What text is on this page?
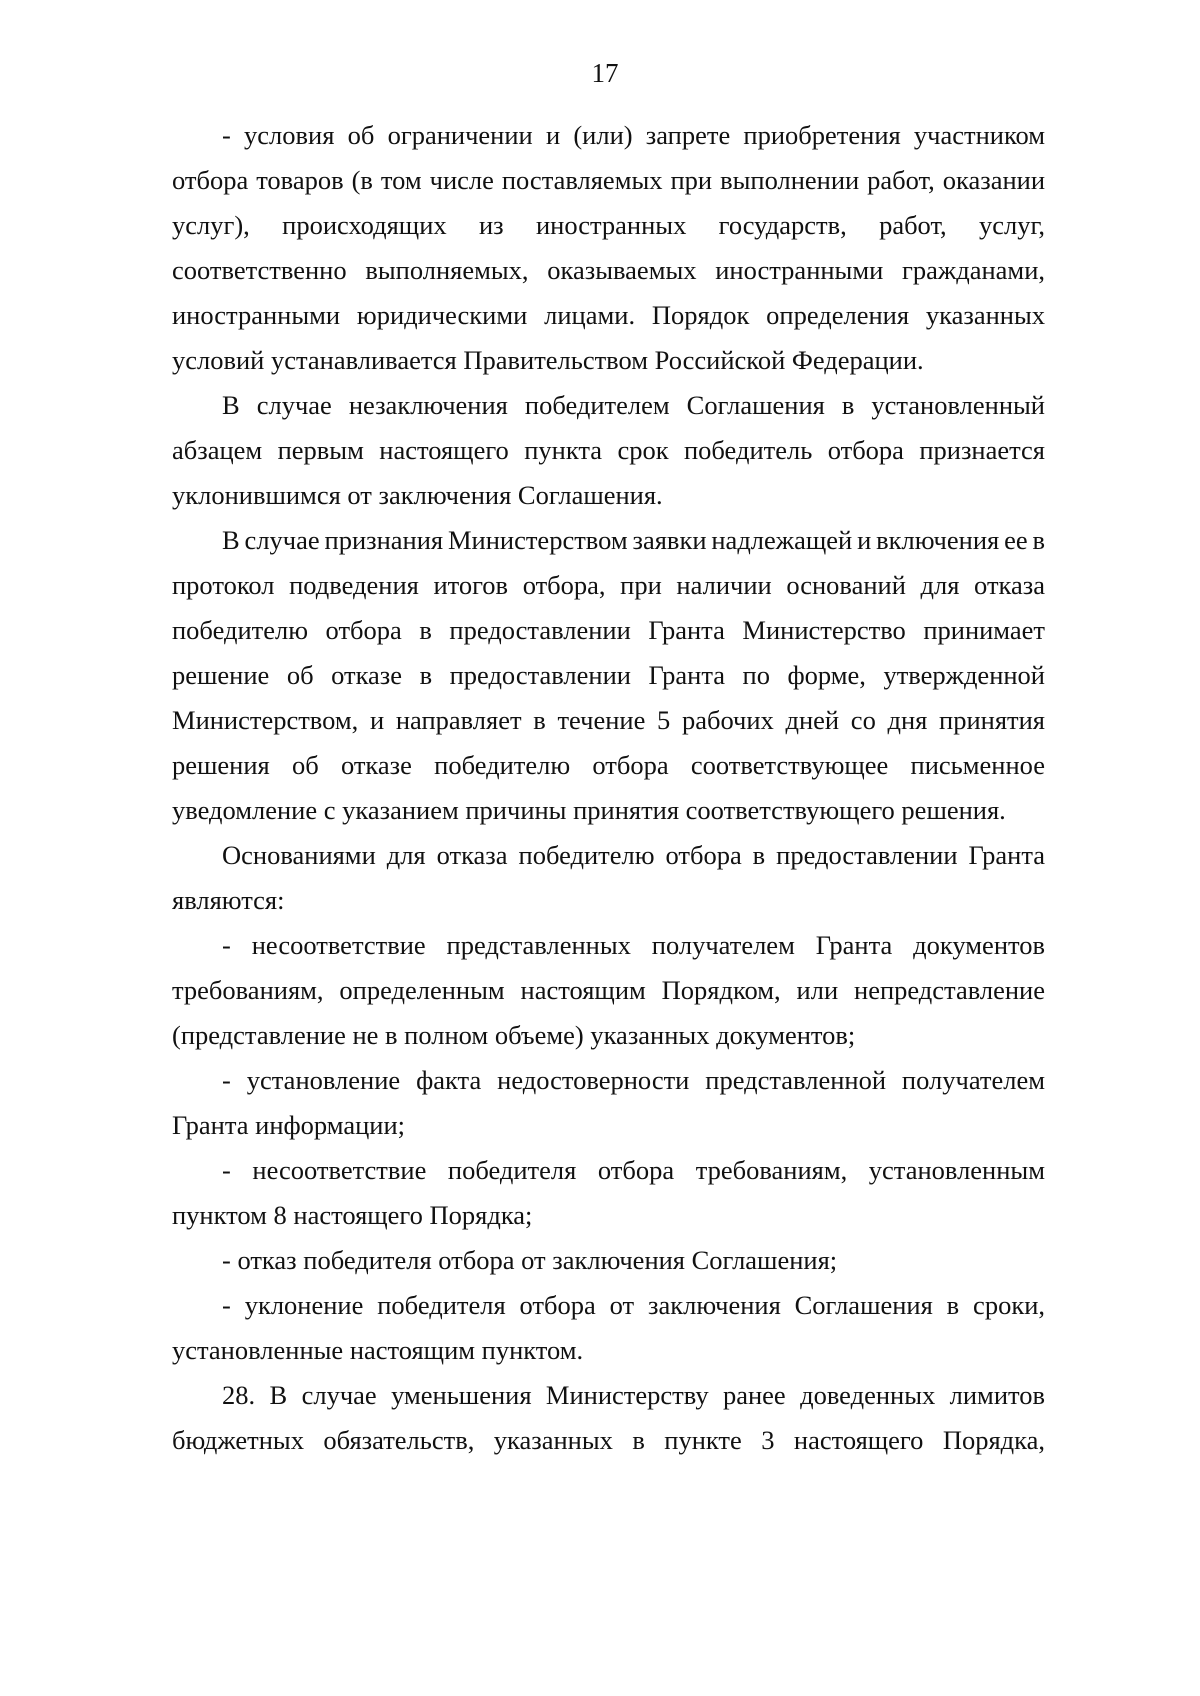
17
- условия об ограничении и (или) запрете приобретения участником
отбора товаров (в том числе поставляемых при выполнении работ, оказании
услуг), происходящих из иностранных государств, работ, услуг,
соответственно выполняемых, оказываемых иностранными гражданами,
иностранными юридическими лицами. Порядок определения указанных
условий устанавливается Правительством Российской Федерации.
В случае незаключения победителем Соглашения в установленный
абзацем первым настоящего пункта срок победитель отбора признается
уклонившимся от заключения Соглашения.
В случае признания Министерством заявки надлежащей и включения ее в
протокол подведения итогов отбора, при наличии оснований для отказа
победителю отбора в предоставлении Гранта Министерство принимает
решение об отказе в предоставлении Гранта по форме, утвержденной
Министерством, и направляет в течение 5 рабочих дней со дня принятия
решения об отказе победителю отбора соответствующее письменное
уведомление с указанием причины принятия соответствующего решения.
Основаниями для отказа победителю отбора в предоставлении Гранта
являются:
- несоответствие представленных получателем Гранта документов
требованиям, определенным настоящим Порядком, или непредставление
(представление не в полном объеме) указанных документов;
- установление факта недостоверности представленной получателем
Гранта информации;
- несоответствие победителя отбора требованиям, установленным
пунктом 8 настоящего Порядка;
- отказ победителя отбора от заключения Соглашения;
- уклонение победителя отбора от заключения Соглашения в сроки,
установленные настоящим пунктом.
28. В случае уменьшения Министерству ранее доведенных лимитов
бюджетных обязательств, указанных в пункте 3 настоящего Порядка,
